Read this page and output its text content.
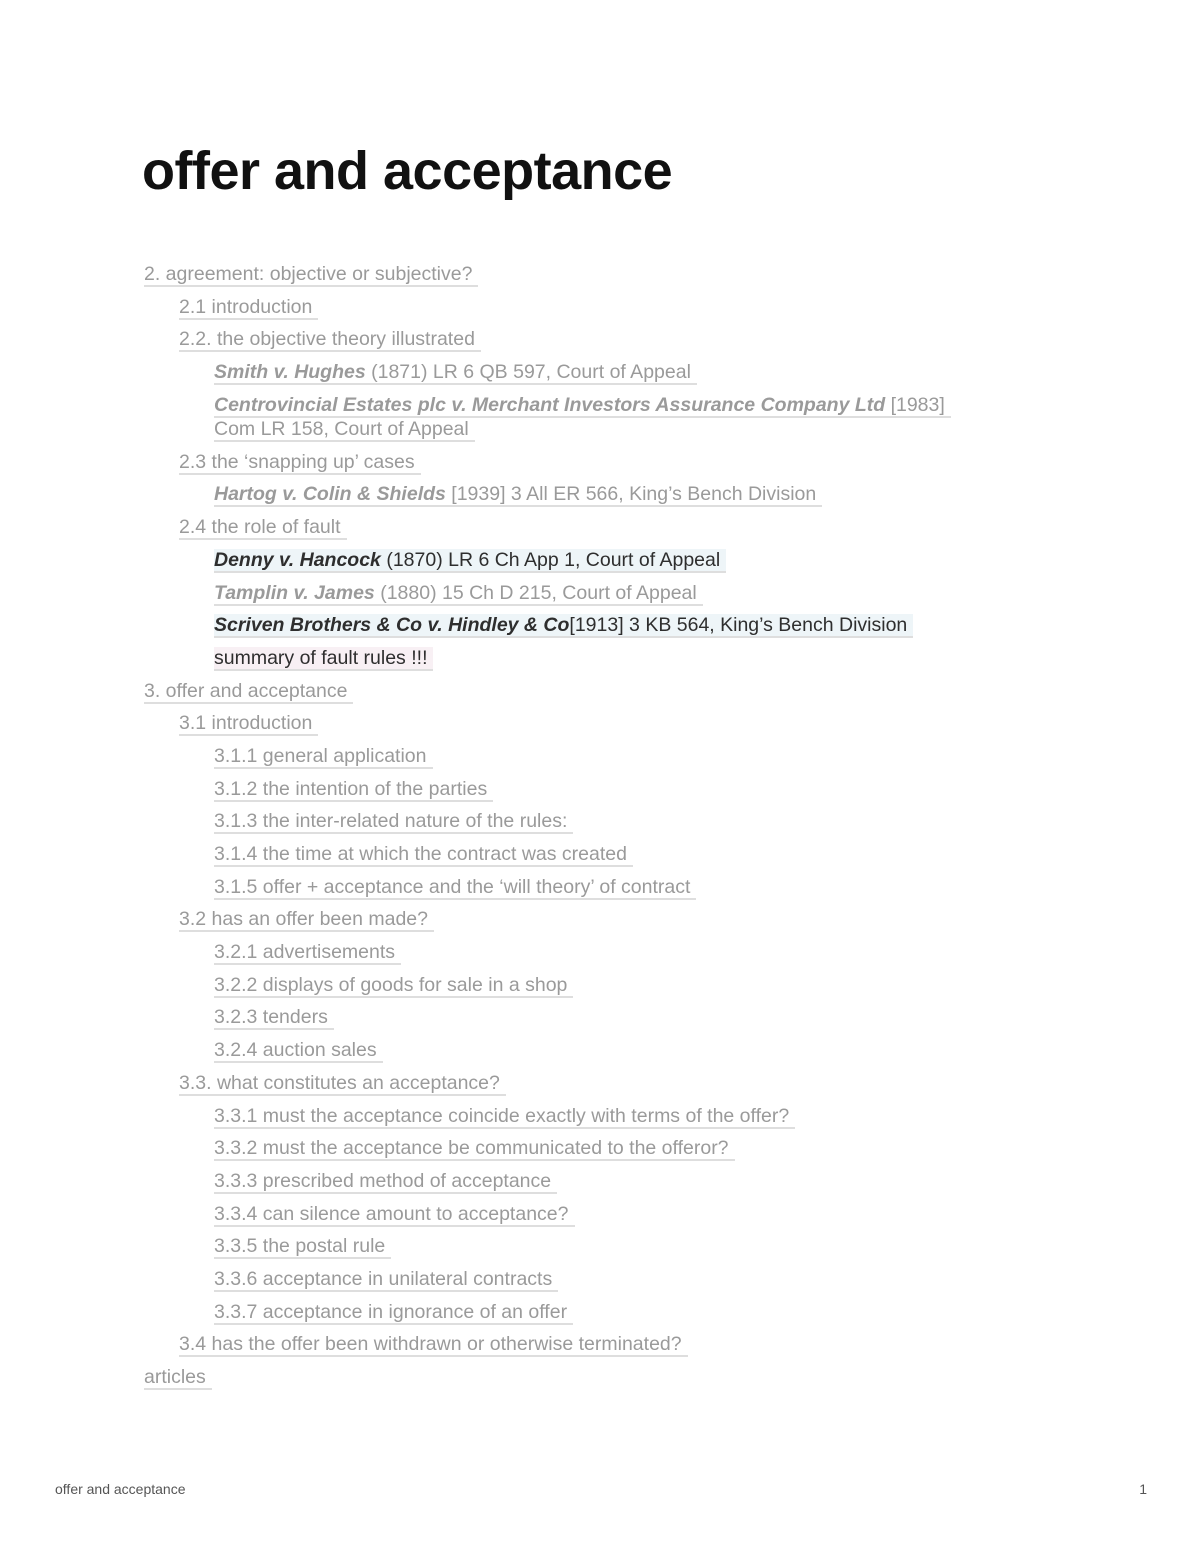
offer and acceptance
2. agreement: objective or subjective?
2.1 introduction
2.2. the objective theory illustrated
Smith v. Hughes (1871) LR 6 QB 597, Court of Appeal
Centrovincial Estates plc v. Merchant Investors Assurance Company Ltd [1983]
Com LR 158, Court of Appeal
2.3 the ‘snapping up’ cases
Hartog v. Colin & Shields [1939] 3 All ER 566, King’s Bench Division
2.4 the role of fault
Denny v. Hancock (1870) LR 6 Ch App 1, Court of Appeal
Tamplin v. James (1880) 15 Ch D 215, Court of Appeal
Scriven Brothers & Co v. Hindley & Co[1913] 3 KB 564, King’s Bench Division
summary of fault rules !!!
3. offer and acceptance
3.1 introduction
3.1.1 general application
3.1.2 the intention of the parties
3.1.3 the inter-related nature of the rules:
3.1.4 the time at which the contract was created
3.1.5 offer + acceptance and the ‘will theory’ of contract
3.2 has an offer been made?
3.2.1 advertisements
3.2.2 displays of goods for sale in a shop
3.2.3 tenders
3.2.4 auction sales
3.3. what constitutes an acceptance?
3.3.1 must the acceptance coincide exactly with terms of the offer?
3.3.2 must the acceptance be communicated to the offeror?
3.3.3 prescribed method of acceptance
3.3.4 can silence amount to acceptance?
3.3.5 the postal rule
3.3.6 acceptance in unilateral contracts
3.3.7 acceptance in ignorance of an offer
3.4 has the offer been withdrawn or otherwise terminated?
articles
offer and acceptance	1
